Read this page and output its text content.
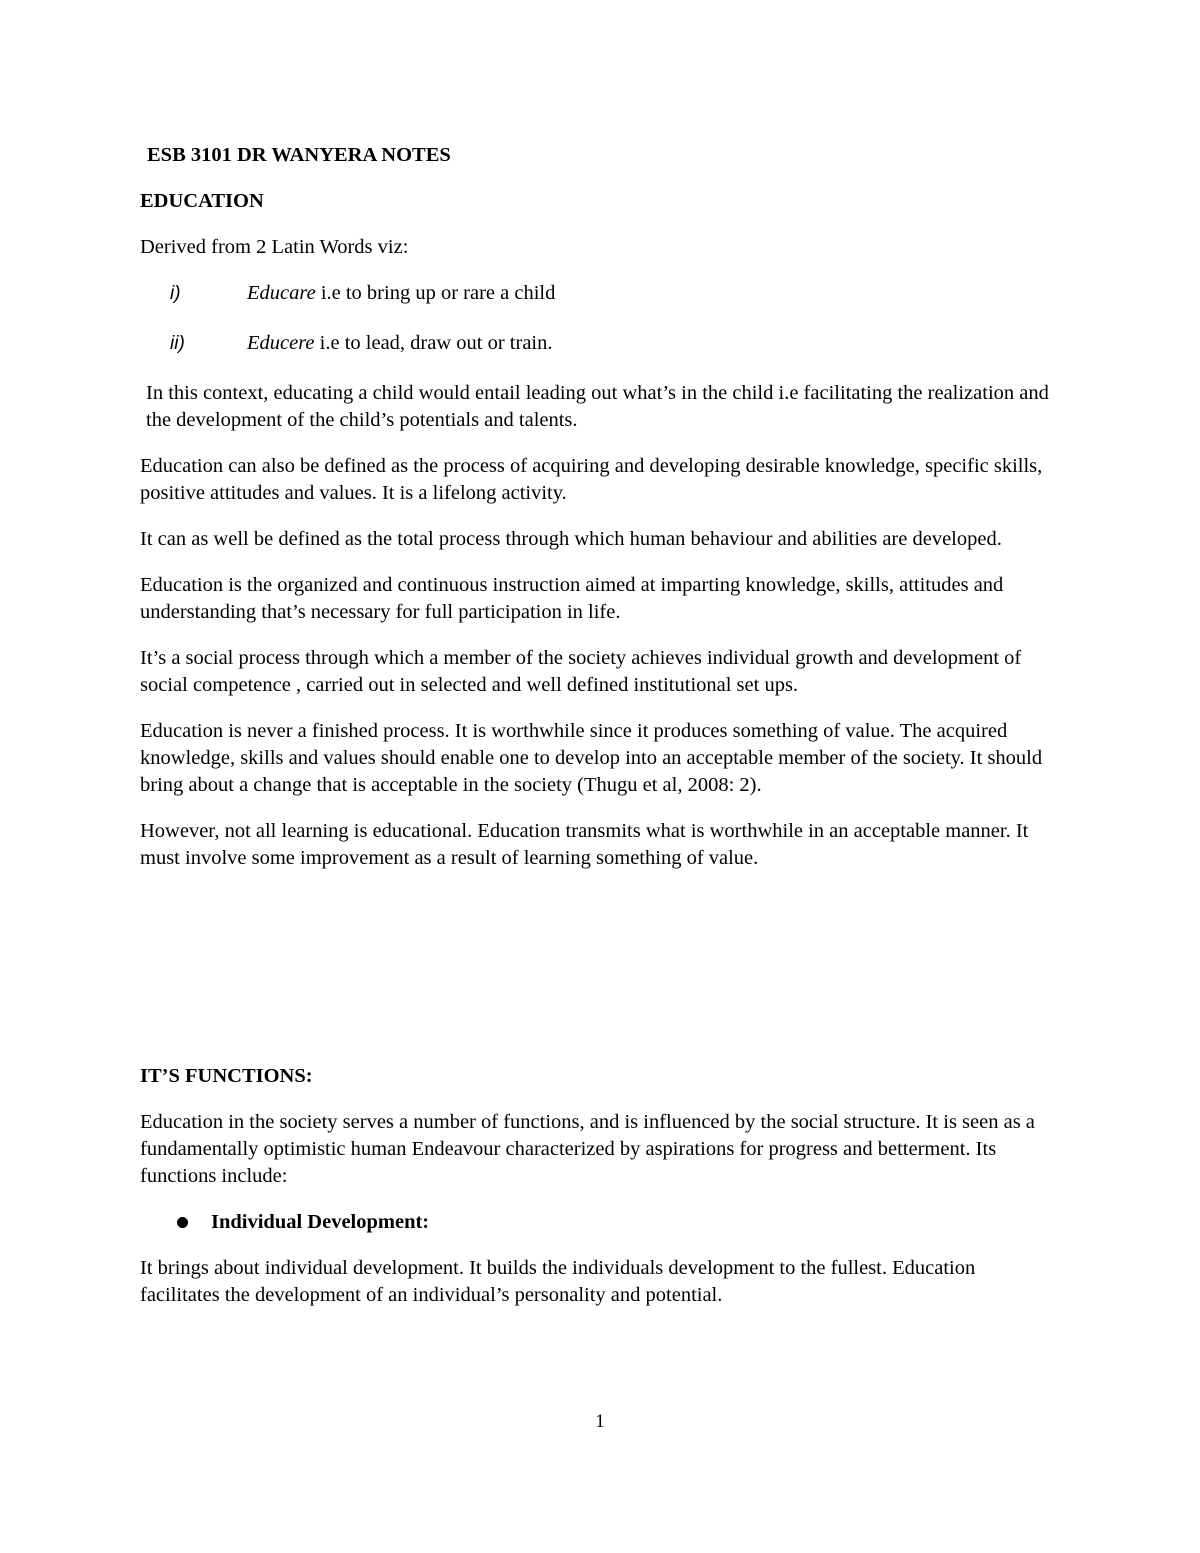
ESB 3101 DR WANYERA NOTES
EDUCATION

Derived from 2 Latin Words viz:

i)	Educare i.e to bring up or rare a child
ii)	Educere i.e to lead, draw out or train.

In this context, educating a child would entail leading out what’s in the child i.e facilitating the realization and the development of the child’s potentials and talents.

Education can also be defined as the process of acquiring and developing desirable knowledge, specific skills, positive attitudes and values. It is a lifelong activity.

It can as well be defined as the total process through which human behaviour and abilities are developed.

Education is the organized and continuous instruction aimed at imparting knowledge, skills, attitudes and understanding that’s necessary for full participation in life.

It’s a social process through which a member of the society achieves individual growth and development of social competence , carried out in selected and well defined institutional set ups.

Education is never a finished process. It is worthwhile since it produces something of value. The acquired knowledge, skills and values should enable one to develop into an acceptable member of the society. It should bring about a change that is acceptable in the society (Thugu et al, 2008: 2).

However, not all learning is educational. Education transmits what is worthwhile in an acceptable manner. It must involve some improvement as a result of learning something of value.

IT’S FUNCTIONS:

Education in the society serves a number of functions, and is influenced by the social structure. It is seen as a fundamentally optimistic human Endeavour characterized by aspirations for progress and betterment. Its functions include:

Individual Development:

It brings about individual development. It builds the individuals development to the fullest. Education facilitates the development of an individual’s personality and potential.

1
